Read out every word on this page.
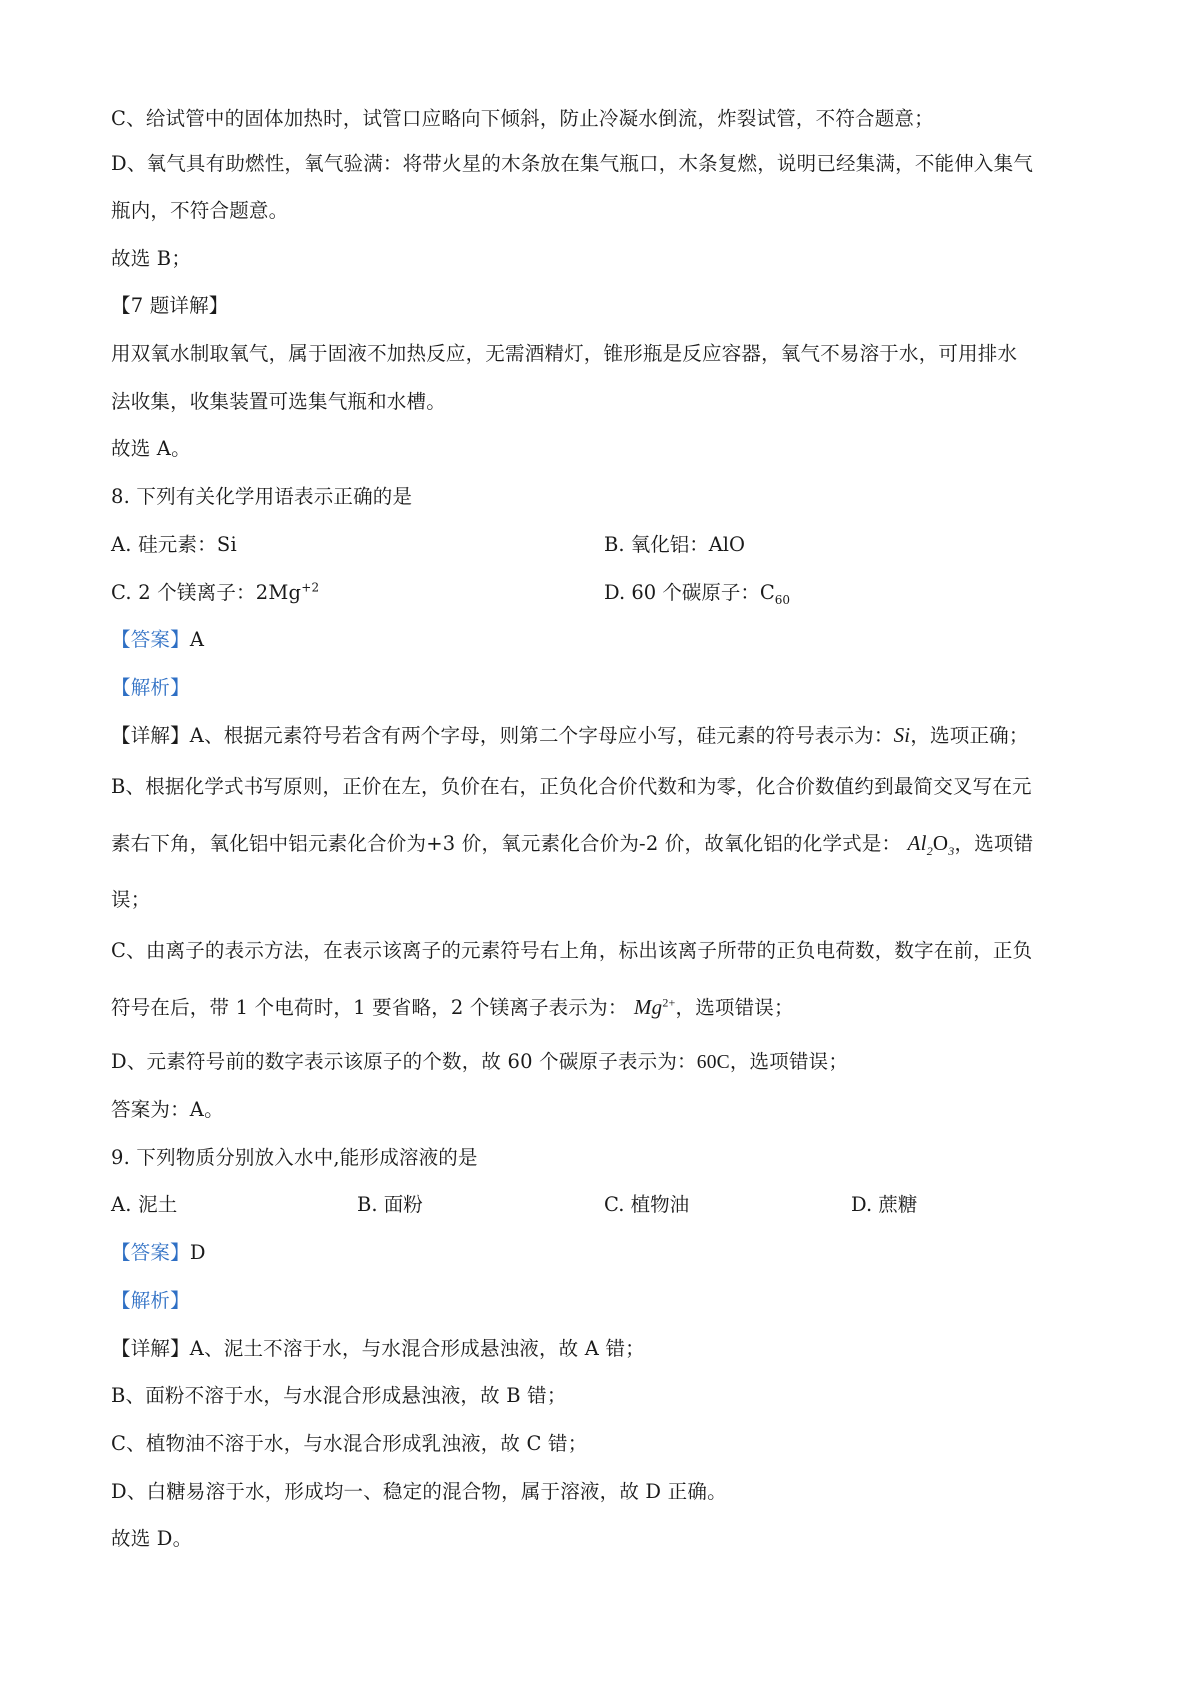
C、给试管中的固体加热时，试管口应略向下倾斜，防止冷凝水倒流，炸裂试管，不符合题意；
D、氧气具有助燃性，氧气验满：将带火星的木条放在集气瓶口，木条复燃，说明已经集满，不能伸入集气
瓶内，不符合题意。
故选 B；
【7 题详解】
用双氧水制取氧气，属于固液不加热反应，无需酒精灯，锥形瓶是反应容器，氧气不易溶于水，可用排水
法收集，收集装置可选集气瓶和水槽。
故选 A。
8. 下列有关化学用语表示正确的是
A. 硅元素：Si	B. 氧化铝：AlO
C. 2 个镁离子：$2Mg^{+2}$	D. 60 个碳原子：$C_{60}$
【答案】A
【解析】
【详解】A、根据元素符号若含有两个字母，则第二个字母应小写，硅元素的符号表示为：Si，选项正确；
B、根据化学式书写原则，正价在左，负价在右，正负化合价代数和为零，化合价数值约到最简交叉写在元
素右下角，氧化铝中铝元素化合价为+3 价，氧元素化合价为-2 价，故氧化铝的化学式是： $Al_2O_3$，选项错
误；
C、由离子的表示方法，在表示该离子的元素符号右上角，标出该离子所带的正负电荷数，数字在前，正负
符号在后，带 1 个电荷时，1 要省略，2 个镁离子表示为： $Mg^{2+}$，选项错误；
D、元素符号前的数字表示该原子的个数，故 60 个碳原子表示为：60C，选项错误；
答案为：A。
9. 下列物质分别放入水中,能形成溶液的是
A. 泥土	B. 面粉	C. 植物油	D. 蔗糖
【答案】D
【解析】
【详解】A、泥土不溶于水，与水混合形成悬浊液，故 A 错；
B、面粉不溶于水，与水混合形成悬浊液，故 B 错；
C、植物油不溶于水，与水混合形成乳浊液，故 C 错；
D、白糖易溶于水，形成均一、稳定的混合物，属于溶液，故 D 正确。
故选 D。
